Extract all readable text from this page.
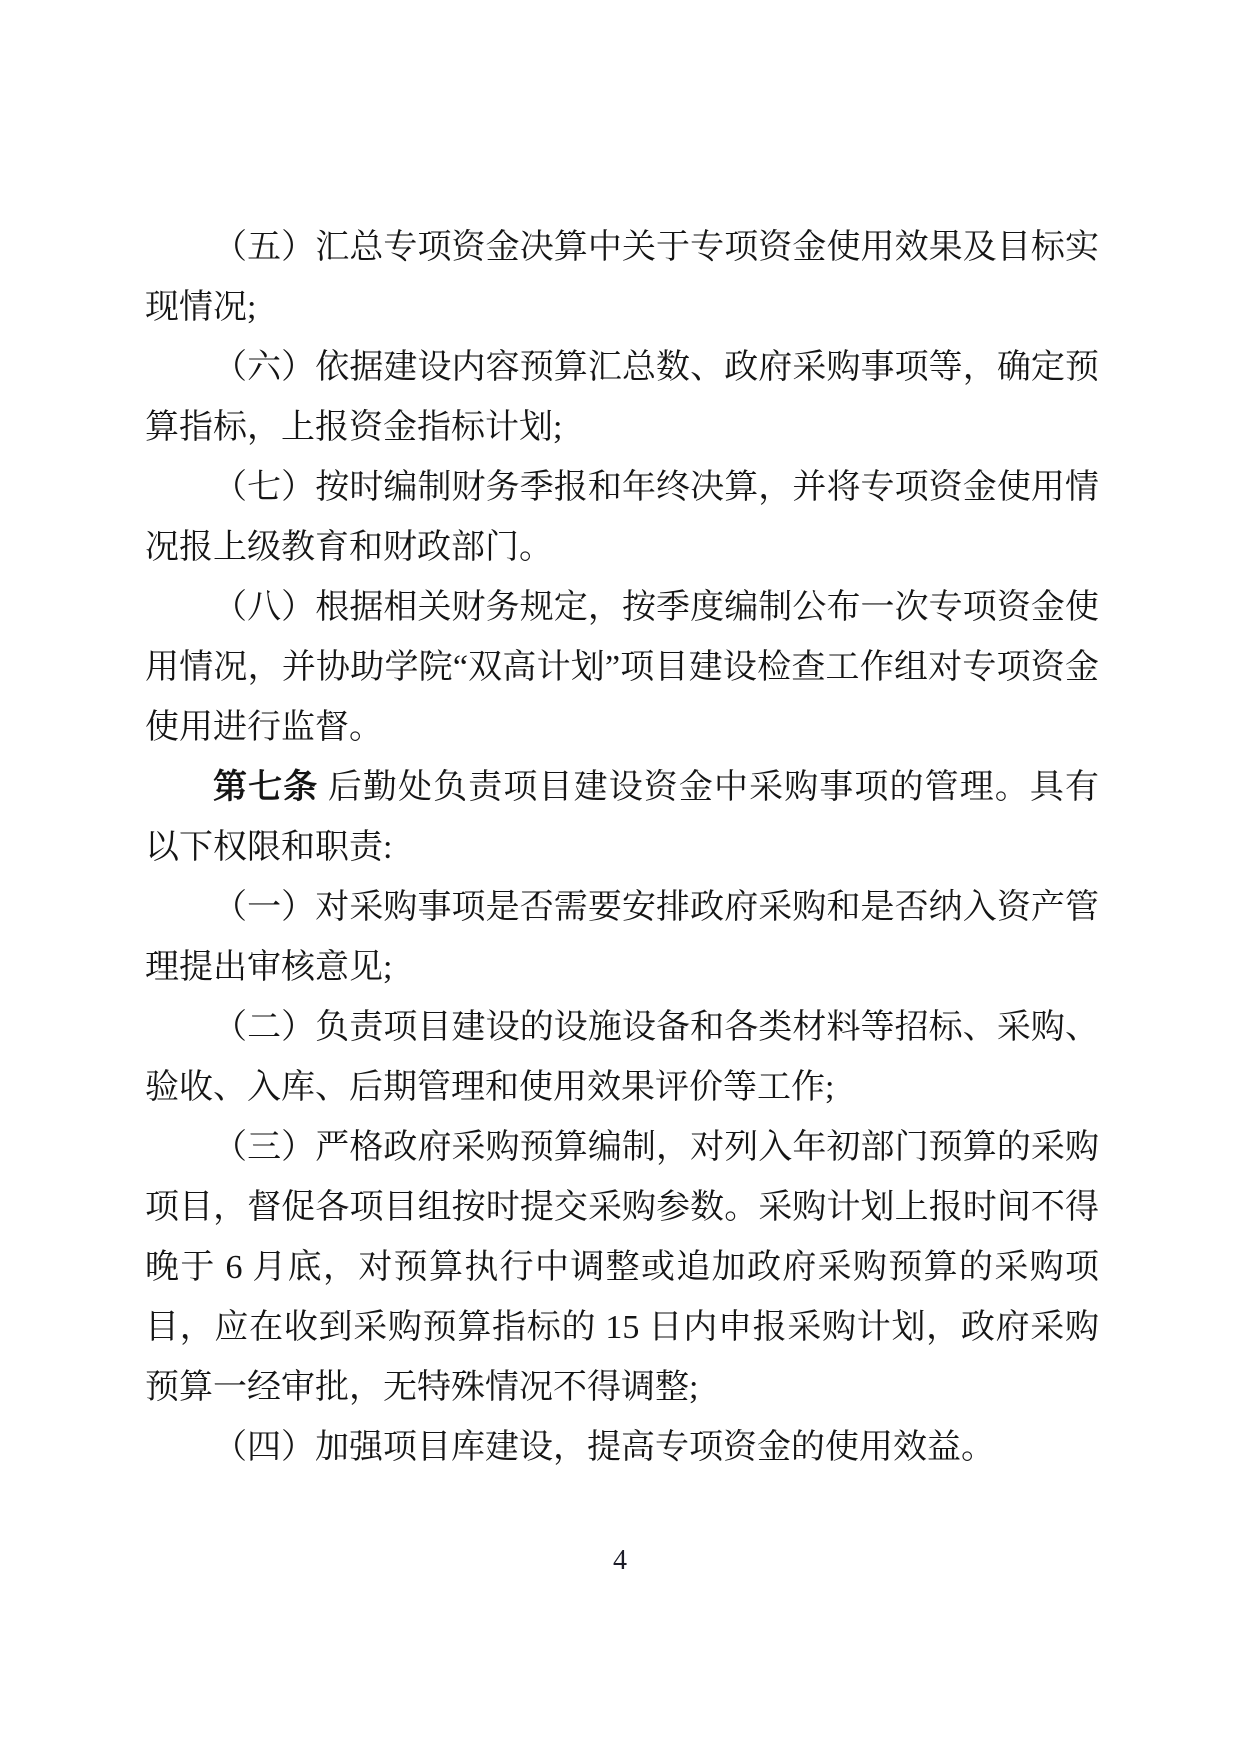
（五）汇总专项资金决算中关于专项资金使用效果及目标实现情况;

（六）依据建设内容预算汇总数、政府采购事项等，确定预算指标，上报资金指标计划;

（七）按时编制财务季报和年终决算，并将专项资金使用情况报上级教育和财政部门。

（八）根据相关财务规定，按季度编制公布一次专项资金使用情况，并协助学院“双高计划”项目建设检查工作组对专项资金使用进行监督。

第七条 后勤处负责项目建设资金中采购事项的管理。具有以下权限和职责:

（一）对采购事项是否需要安排政府采购和是否纳入资产管理提出审核意见;

（二）负责项目建设的设施设备和各类材料等招标、采购、验收、入库、后期管理和使用效果评价等工作;

（三）严格政府采购预算编制，对列入年初部门预算的采购项目，督促各项目组按时提交采购参数。采购计划上报时间不得晚于 6 月底，对预算执行中调整或追加政府采购预算的采购项目，应在收到采购预算指标的 15 日内申报采购计划，政府采购预算一经审批，无特殊情况不得调整;

（四）加强项目库建设，提高专项资金的使用效益。

4
